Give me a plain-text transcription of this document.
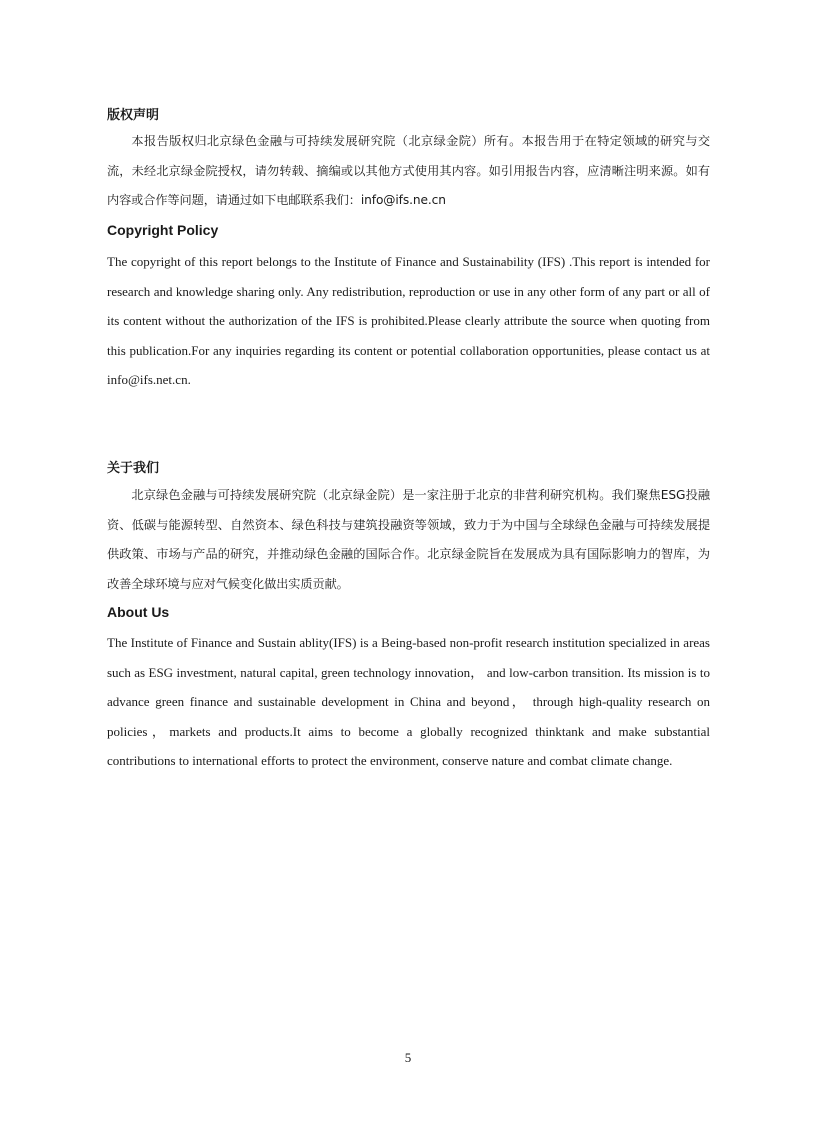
版权声明

本报告版权归北京绿色金融与可持续发展研究院（北京绿金院）所有。本报告用于在特定领域的研究与交流，未经北京绿金院授权，请勿转载、摘编或以其他方式使用其内容。如引用报告内容，应清晰注明来源。如有内容或合作等问题，请通过如下电邮联系我们：info@ifs.ne.cn

Copyright Policy

The copyright of this report belongs to the Institute of Finance and Sustainability (IFS) .This report is intended for research and knowledge sharing only. Any redistribution, reproduction or use in any other form of any part or all of its content without the authorization of the IFS is prohibited.Please clearly attribute the source when quoting from this publication.For any inquiries regarding its content or potential collaboration opportunities, please contact us at info@ifs.net.cn.

关于我们

北京绿色金融与可持续发展研究院（北京绿金院）是一家注册于北京的非营利研究机构。我们聚焦ESG投融资、低碳与能源转型、自然资本、绿色科技与建筑投融资等领域，致力于为中国与全球绿色金融与可持续发展提供政策、市场与产品的研究，并推动绿色金融的国际合作。北京绿金院旨在发展成为具有国际影响力的智库，为改善全球环境与应对气候变化做出实质贡献。

About Us

The Institute of Finance and Sustain ablity(IFS) is a Being-based non-profit research institution specialized in areas such as ESG investment, natural capital, green technology innovation， and low-carbon transition. Its mission is to advance green finance and sustainable development in China and beyond， through high-quality research on policies，markets and products.It aims to become a globally recognized thinktank and make substantial contributions to international efforts to protect the environment, conserve nature and combat climate change.

5
